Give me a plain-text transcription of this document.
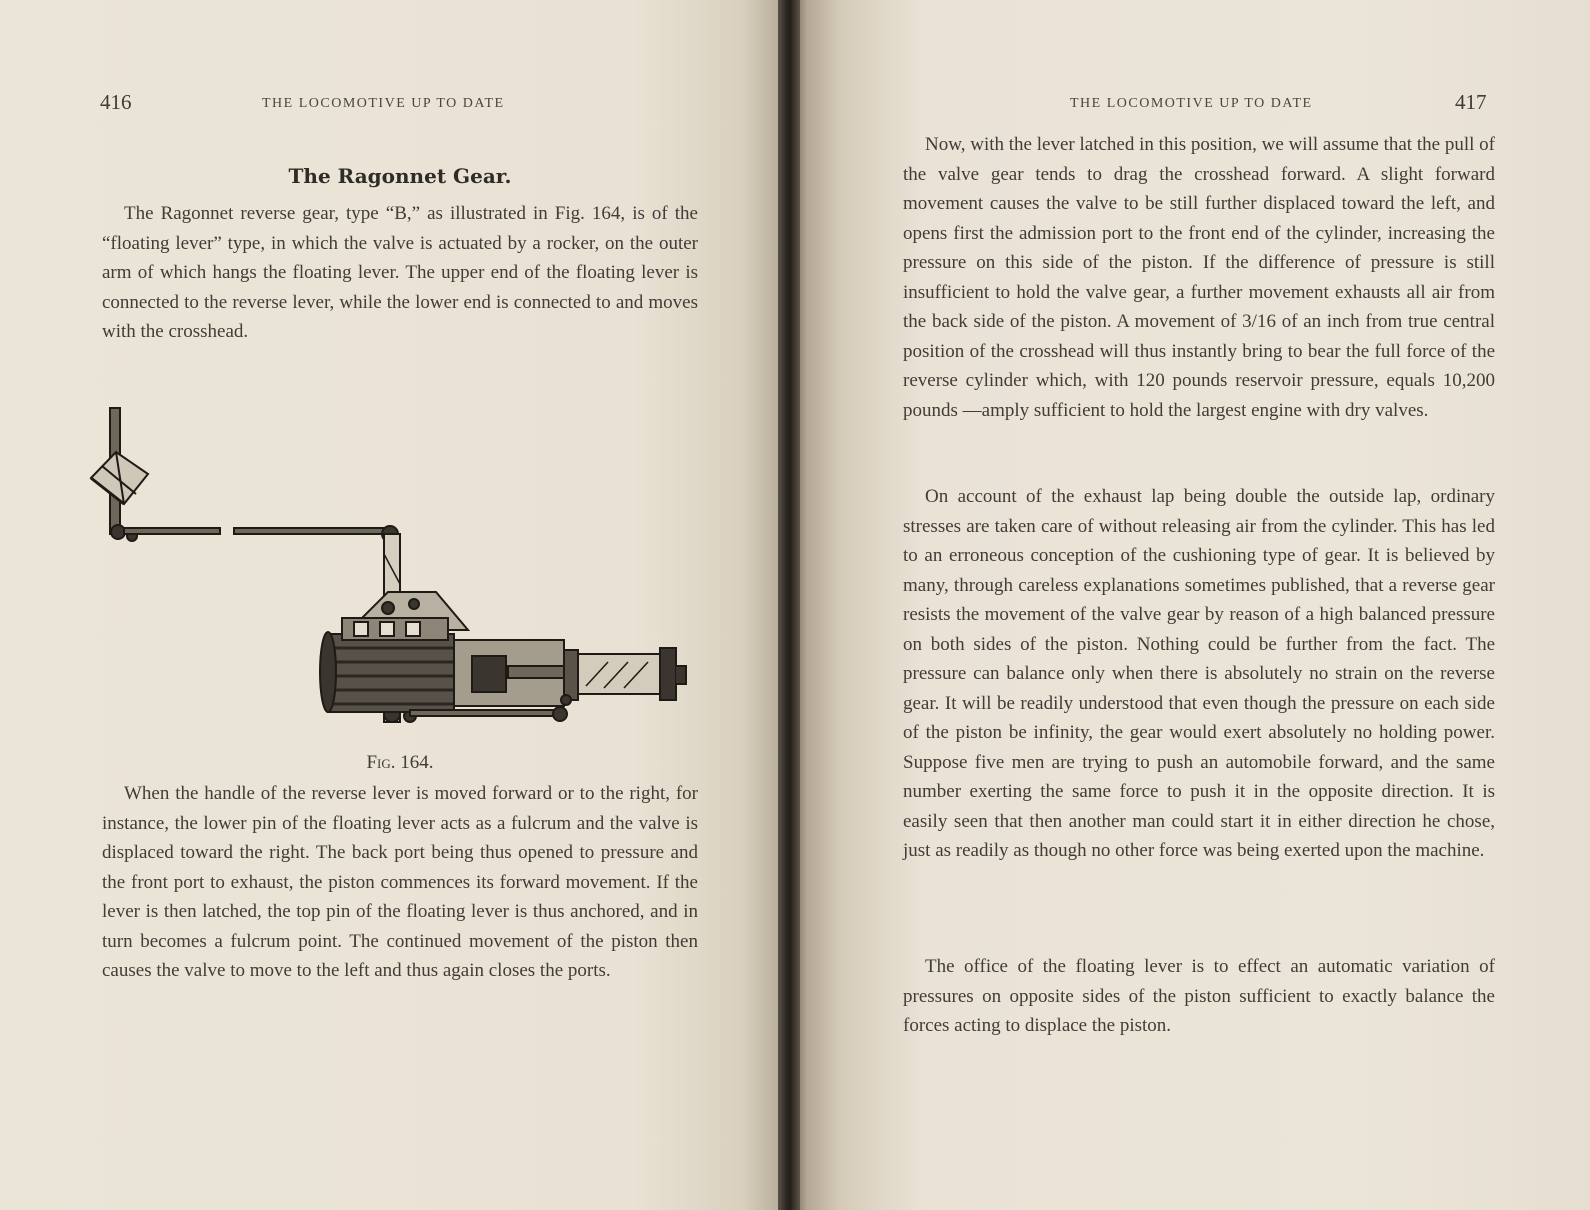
416	THE LOCOMOTIVE UP TO DATE
The Ragonnet Gear.

The Ragonnet reverse gear, type “B,” as illustrated in Fig. 164, is of the “floating lever” type, in which the valve is actuated by a rocker, on the outer arm of which hangs the floating lever. The upper end of the floating lever is connected to the reverse lever, while the lower end is connected to and moves with the crosshead.

Fig. 164.

When the handle of the reverse lever is moved forward or to the right, for instance, the lower pin of the floating lever acts as a fulcrum and the valve is displaced toward the right. The back port being thus opened to pressure and the front port to exhaust, the piston commences its forward movement. If the lever is then latched, the top pin of the floating lever is thus anchored, and in turn becomes a fulcrum point. The continued movement of the piston then causes the valve to move to the left and thus again closes the ports.

THE LOCOMOTIVE UP TO DATE	417

Now, with the lever latched in this position, we will assume that the pull of the valve gear tends to drag the crosshead forward. A slight forward movement causes the valve to be still further displaced toward the left, and opens first the admission port to the front end of the cylinder, increasing the pressure on this side of the piston. If the difference of pressure is still insufficient to hold the valve gear, a further movement exhausts all air from the back side of the piston. A movement of 3/16 of an inch from true central position of the crosshead will thus instantly bring to bear the full force of the reverse cylinder which, with 120 pounds reservoir pressure, equals 10,200 pounds —amply sufficient to hold the largest engine with dry valves.

On account of the exhaust lap being double the outside lap, ordinary stresses are taken care of without releasing air from the cylinder. This has led to an erroneous conception of the cushioning type of gear. It is believed by many, through careless explanations sometimes published, that a reverse gear resists the movement of the valve gear by reason of a high balanced pressure on both sides of the piston. Nothing could be further from the fact. The pressure can balance only when there is absolutely no strain on the reverse gear. It will be readily understood that even though the pressure on each side of the piston be infinity, the gear would exert absolutely no holding power. Suppose five men are trying to push an automobile forward, and the same number exerting the same force to push it in the opposite direction. It is easily seen that then another man could start it in either direction he chose, just as readily as though no other force was being exerted upon the machine.

The office of the floating lever is to effect an automatic variation of pressures on opposite sides of the piston sufficient to exactly balance the forces acting to displace the piston.
